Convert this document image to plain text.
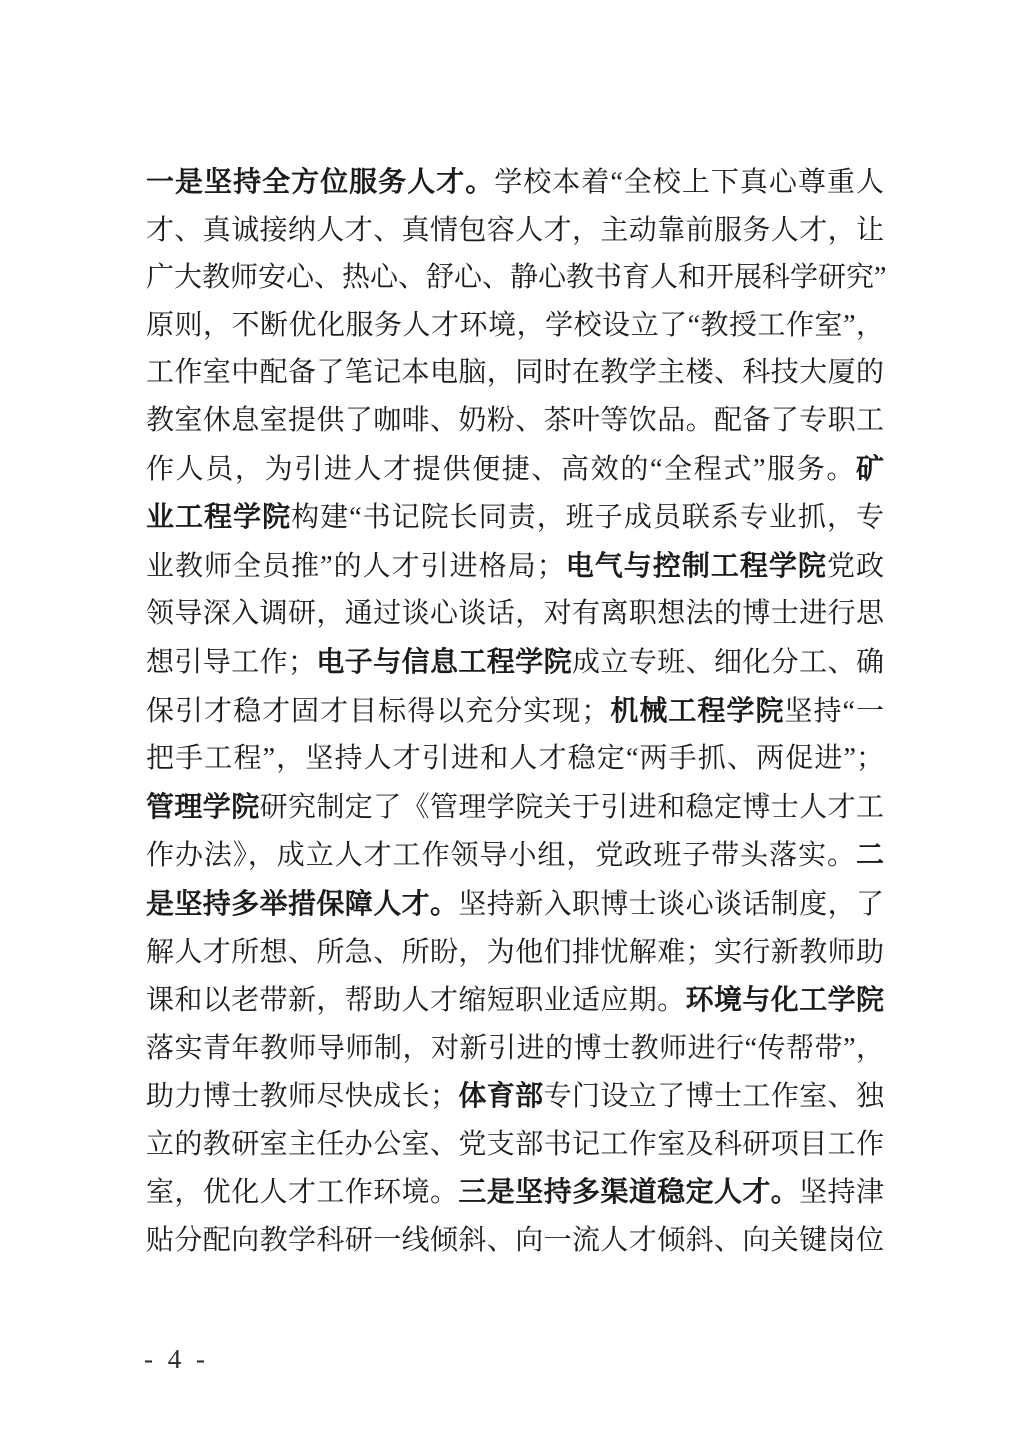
一是坚持全方位服务人才。学校本着“全校上下真心尊重人
才、真诚接纳人才、真情包容人才，主动靠前服务人才，让
广大教师安心、热心、舒心、静心教书育人和开展科学研究”
原则，不断优化服务人才环境，学校设立了“教授工作室”，
工作室中配备了笔记本电脑，同时在教学主楼、科技大厦的
教室休息室提供了咖啡、奶粉、茶叶等饮品。配备了专职工
作人员，为引进人才提供便捷、高效的“全程式”服务。矿
业工程学院构建“书记院长同责，班子成员联系专业抓，专
业教师全员推”的人才引进格局；电气与控制工程学院党政
领导深入调研，通过谈心谈话，对有离职想法的博士进行思
想引导工作；电子与信息工程学院成立专班、细化分工、确
保引才稳才固才目标得以充分实现；机械工程学院坚持“一
把手工程”，坚持人才引进和人才稳定“两手抓、两促进”；
管理学院研究制定了《管理学院关于引进和稳定博士人才工
作办法》，成立人才工作领导小组，党政班子带头落实。二
是坚持多举措保障人才。坚持新入职博士谈心谈话制度，了
解人才所想、所急、所盼，为他们排忧解难；实行新教师助
课和以老带新，帮助人才缩短职业适应期。环境与化工学院
落实青年教师导师制，对新引进的博士教师进行“传帮带”，
助力博士教师尽快成长；体育部专门设立了博士工作室、独
立的教研室主任办公室、党支部书记工作室及科研项目工作
室，优化人才工作环境。三是坚持多渠道稳定人才。坚持津
贴分配向教学科研一线倾斜、向一流人才倾斜、向关键岗位
- 4 -
